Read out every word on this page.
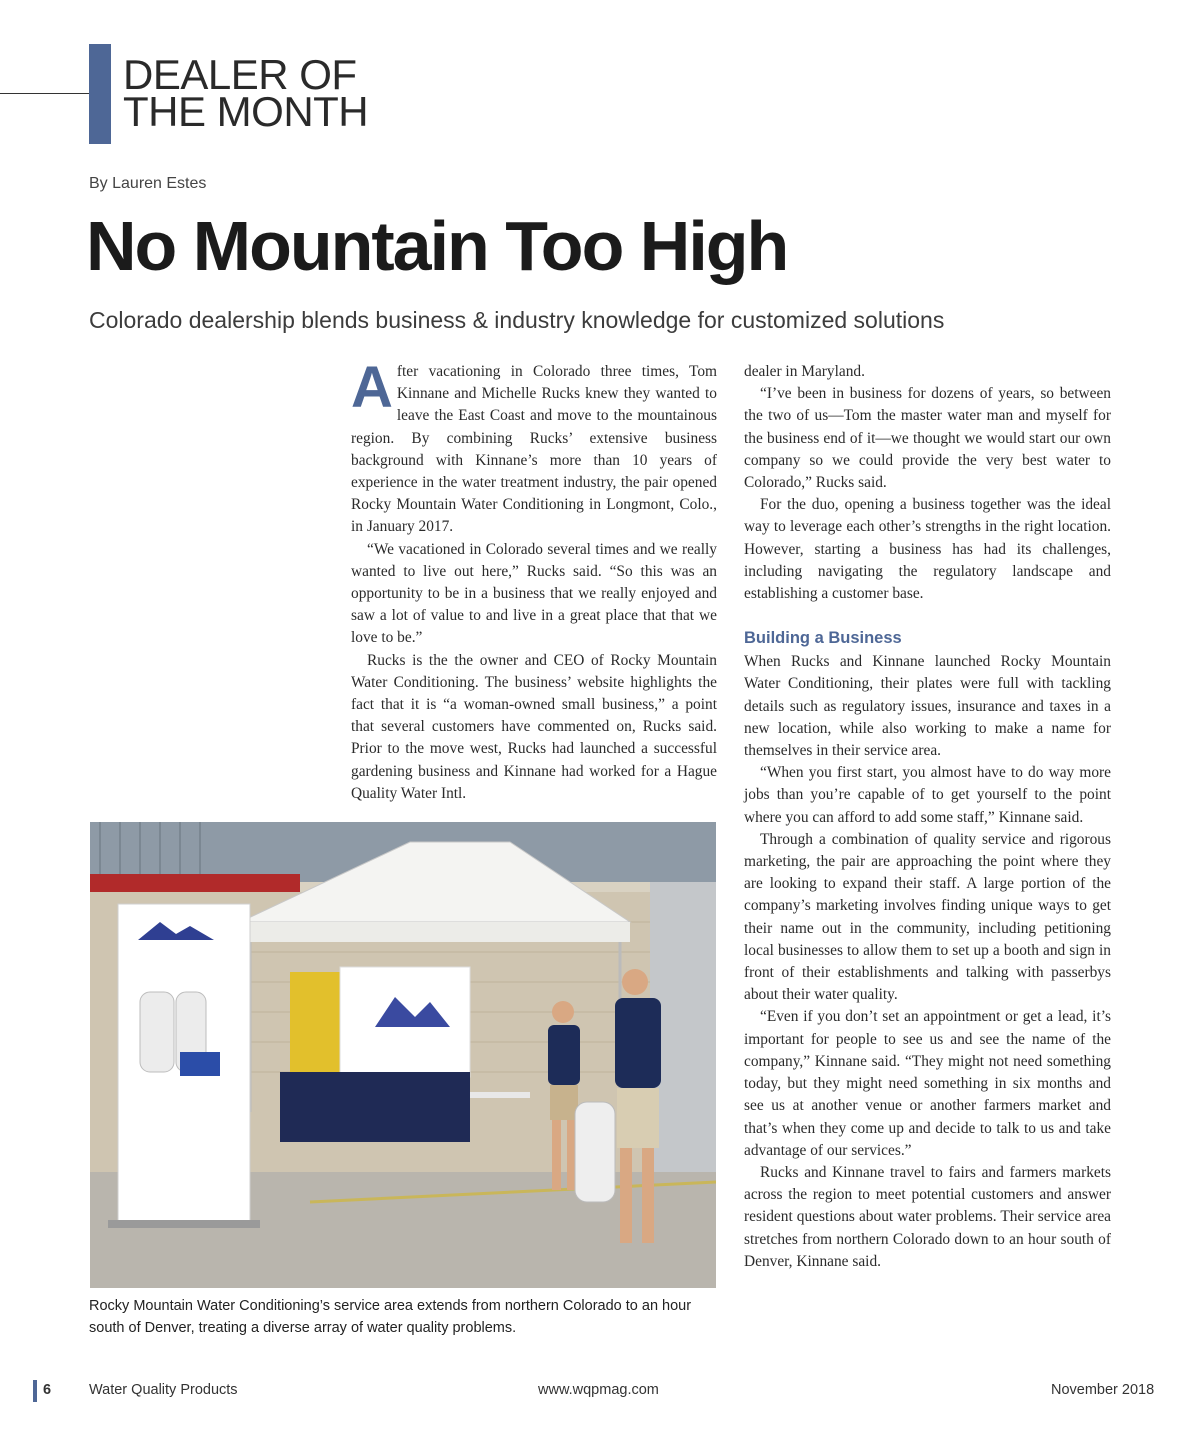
DEALER OF
THE MONTH
By Lauren Estes
No Mountain Too High
Colorado dealership blends business & industry knowledge for customized solutions

After vacationing in Colorado three times, Tom Kinnane and Michelle Rucks knew they wanted to leave the East Coast and move to the mountainous region. By combining Rucks’ extensive business background with Kinnane’s more than 10 years of experience in the water treatment industry, the pair opened Rocky Mountain Water Conditioning in Longmont, Colo., in January 2017.

“We vacationed in Colorado several times and we really wanted to live out here,” Rucks said. “So this was an opportunity to be in a business that we really enjoyed and saw a lot of value to and live in a great place that that we love to be.”

Rucks is the the owner and CEO of Rocky Mountain Water Conditioning. The business’ website highlights the fact that it is “a woman-owned small business,” a point that several customers have commented on, Rucks said. Prior to the move west, Rucks had launched a successful gardening business and Kinnane had worked for a Hague Quality Water Intl.

dealer in Maryland.

“I’ve been in business for dozens of years, so between the two of us—Tom the master water man and myself for the business end of it—we thought we would start our own company so we could provide the very best water to Colorado,” Rucks said.

For the duo, opening a business together was the ideal way to leverage each other’s strengths in the right location. However, starting a business has had its challenges, including navigating the regulatory landscape and establishing a customer base.

Building a Business

When Rucks and Kinnane launched Rocky Mountain Water Conditioning, their plates were full with tackling details such as regulatory issues, insurance and taxes in a new location, while also working to make a name for themselves in their service area.

“When you first start, you almost have to do way more jobs than you’re capable of to get yourself to the point where you can afford to add some staff,” Kinnane said.

Through a combination of quality service and rigorous marketing, the pair are approaching the point where they are looking to expand their staff. A large portion of the company’s marketing involves finding unique ways to get their name out in the community, including petitioning local businesses to allow them to set up a booth and sign in front of their establishments and talking with passerbys about their water quality.

“Even if you don’t set an appointment or get a lead, it’s important for people to see us and see the name of the company,” Kinnane said. “They might not need something today, but they might need something in six months and see us at another venue or another farmers market and that’s when they come up and decide to talk to us and take advantage of our services.”

Rucks and Kinnane travel to fairs and farmers markets across the region to meet potential customers and answer resident questions about water problems. Their service area stretches from northern Colorado down to an hour south of Denver, Kinnane said.

Rocky Mountain Water Conditioning’s service area extends from northern Colorado to an hour south of Denver, treating a diverse array of water quality problems.
6	Water Quality Products	www.wqpmag.com	November 2018
